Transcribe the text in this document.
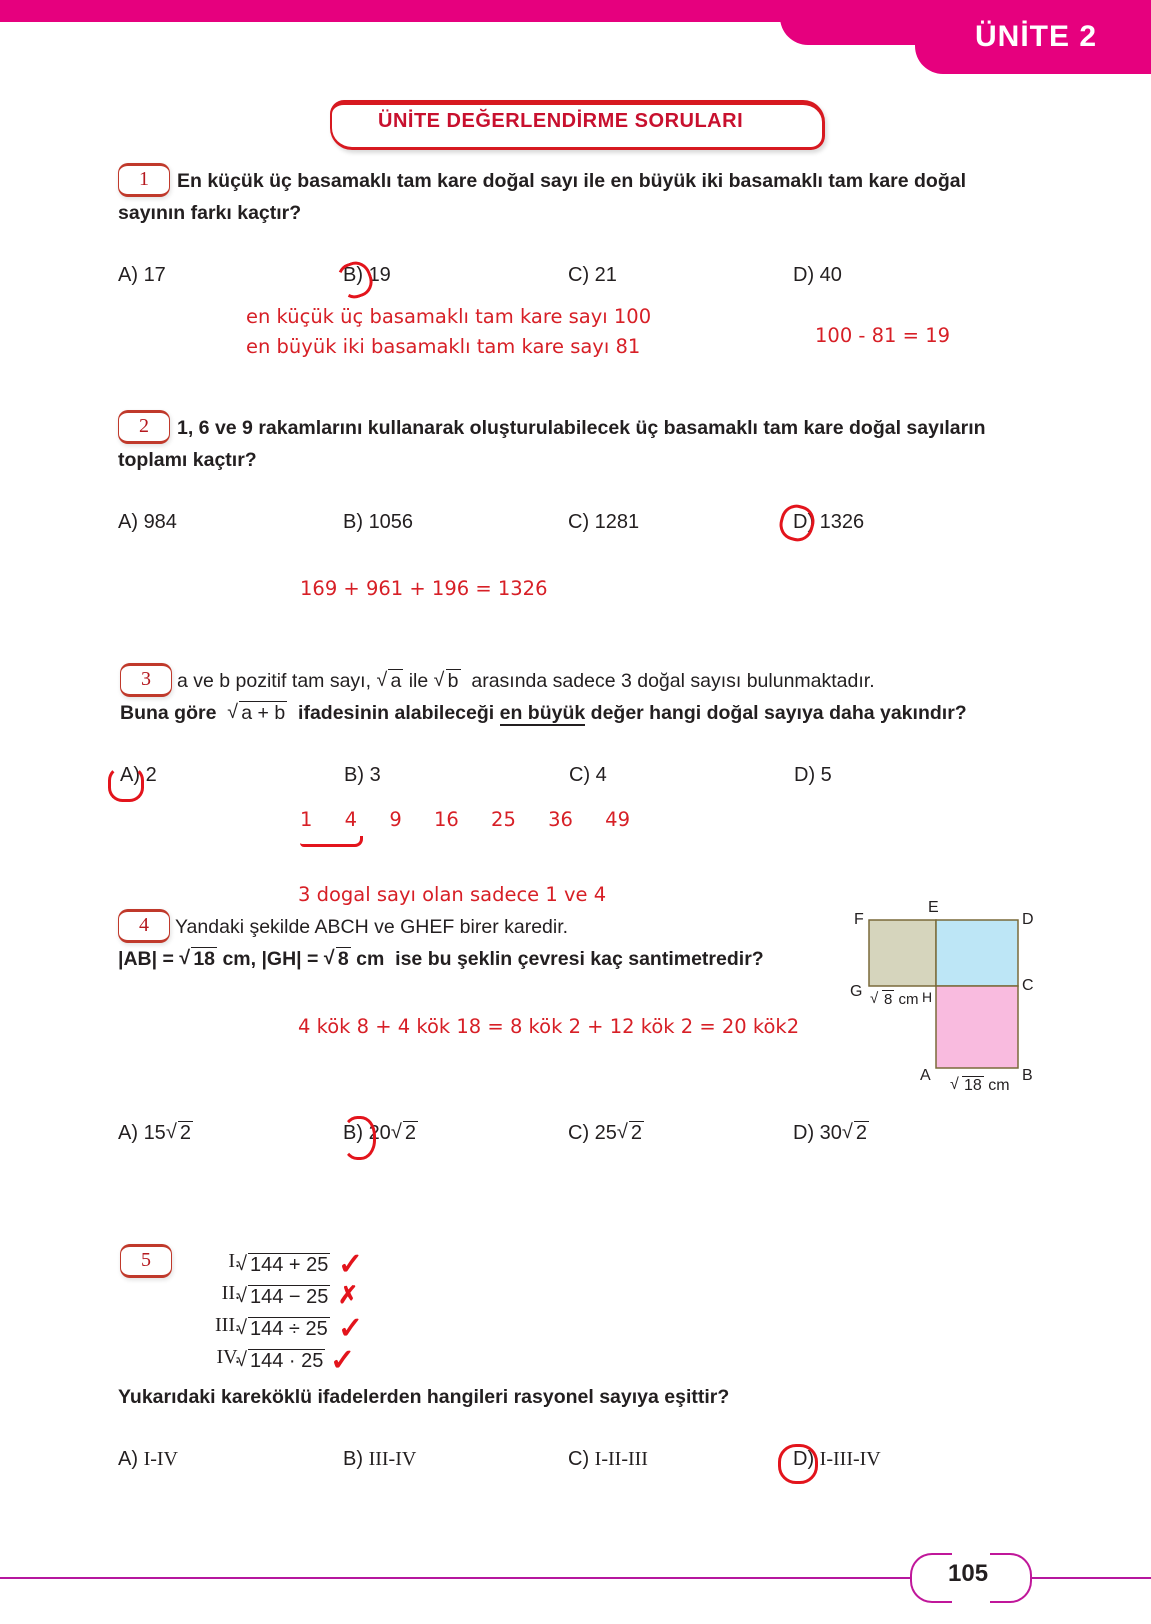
ÜNİTE 2
ÜNİTE DEĞERLENDİRME SORULARI
1	En küçük üç basamaklı tam kare doğal sayı ile en büyük iki basamaklı tam kare doğal
sayının farkı kaçtır?
A) 17	B) 19	C) 21	D) 40
en küçük üç basamaklı tam kare sayı 100
en büyük iki basamaklı tam kare sayı 81	100 - 81 = 19
2	1, 6 ve 9 rakamlarını kullanarak oluşturulabilecek üç basamaklı tam kare doğal sayıların
toplamı kaçtır?
A) 984	B) 1056	C) 1281	D) 1326
169 + 961 + 196 = 1326
3	a ve b pozitif tam sayı, √ a ile √ b arasında sadece 3 doğal sayısı bulunmaktadır.
Buna göre √ a + b ifadesinin alabileceği en büyük değer hangi doğal sayıya daha yakındır?
A) 2	B) 3	C) 4	D) 5
1 4 9 16 25 36 49
3 dogal sayı olan sadece 1 ve 4
4	Yandaki şekilde ABCH ve GHEF birer karedir.
|AB| = √ 18 cm, |GH| = √ 8 cm ise bu şeklin çevresi kaç santimetredir?
4 kök 8 + 4 kök 18 = 8 kök 2 + 12 kök 2 = 20 kök2
F
E
D
G	H
C
A	B
√ 8 cm
√ 18 cm
A) 15 √ 2	B) 20 √ 2	C) 25 √ 2	D) 30 √ 2
5	I. √ 144 + 25 ✓
II. √ 144 − 25 ✗
III. √ 144 ÷ 25 ✓
IV. √ 144 · 25 ✓
Yukarıdaki kareköklü ifadelerden hangileri rasyonel sayıya eşittir?
A) I-IV	B) III-IV	C) I-II-III	D) I-III-IV
105
